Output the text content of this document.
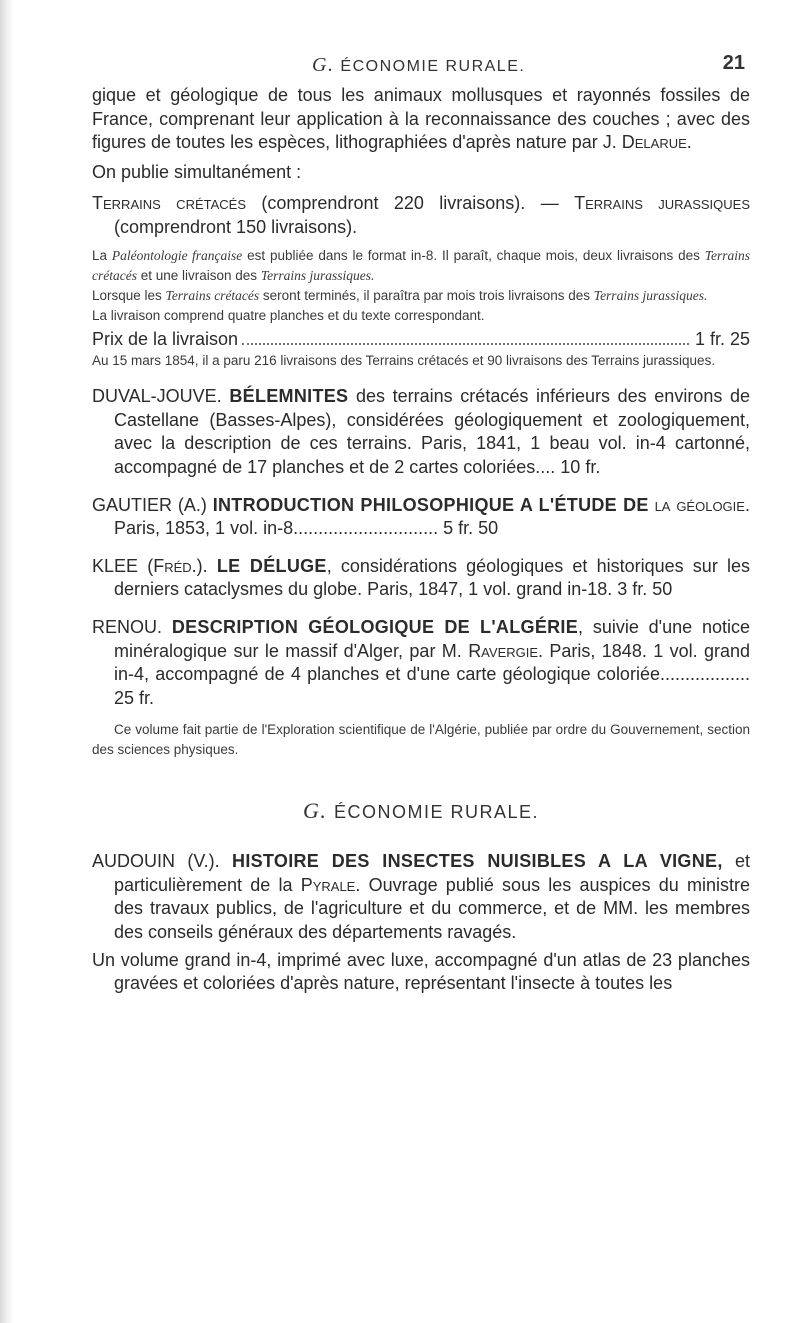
G. ÉCONOMIE RURALE.	21

gique et géologique de tous les animaux mollusques et rayonnés fossiles de France, comprenant leur application à la reconnaissance des couches ; avec des figures de toutes les espèces, lithographiées d'après nature par J. Delarue.

On publie simultanément :

Terrains crétacés (comprendront 220 livraisons). — Terrains jurassiques (comprendront 150 livraisons).

La Paléontologie française est publiée dans le format in-8. Il paraît, chaque mois, deux livraisons des Terrains crétacés et une livraison des Terrains jurassiques.

Lorsque les Terrains crétacés seront terminés, il paraîtra par mois trois livraisons des Terrains jurassiques.

La livraison comprend quatre planches et du texte correspondant.

Prix de la livraison	1 fr. 25

Au 15 mars 1854, il a paru 216 livraisons des Terrains crétacés et 90 livraisons des Terrains jurassiques.

DUVAL-JOUVE. BÉLEMNITES des terrains crétacés inférieurs des environs de Castellane (Basses-Alpes), considérées géologiquement et zoologiquement, avec la description de ces terrains. Paris, 1841, 1 beau vol. in-4 cartonné, accompagné de 17 planches et de 2 cartes coloriées.... 10 fr.

GAUTIER (A.) INTRODUCTION PHILOSOPHIQUE A L'ÉTUDE DE la géologie. Paris, 1853, 1 vol. in-8............................. 5 fr. 50

KLEE (Fréd.). LE DÉLUGE, considérations géologiques et historiques sur les derniers cataclysmes du globe. Paris, 1847, 1 vol. grand in-18. 3 fr. 50

RENOU. DESCRIPTION GÉOLOGIQUE DE L'ALGÉRIE, suivie d'une notice minéralogique sur le massif d'Alger, par M. Ravergie. Paris, 1848. 1 vol. grand in-4, accompagné de 4 planches et d'une carte géologique coloriée.................. 25 fr.

Ce volume fait partie de l'Exploration scientifique de l'Algérie, publiée par ordre du Gouvernement, section des sciences physiques.

G. ÉCONOMIE RURALE.

AUDOUIN (V.). HISTOIRE DES INSECTES NUISIBLES A LA VIGNE, et particulièrement de la Pyrale. Ouvrage publié sous les auspices du ministre des travaux publics, de l'agriculture et du commerce, et de MM. les membres des conseils généraux des départements ravagés.

Un volume grand in-4, imprimé avec luxe, accompagné d'un atlas de 23 planches gravées et coloriées d'après nature, représentant l'insecte à toutes les
